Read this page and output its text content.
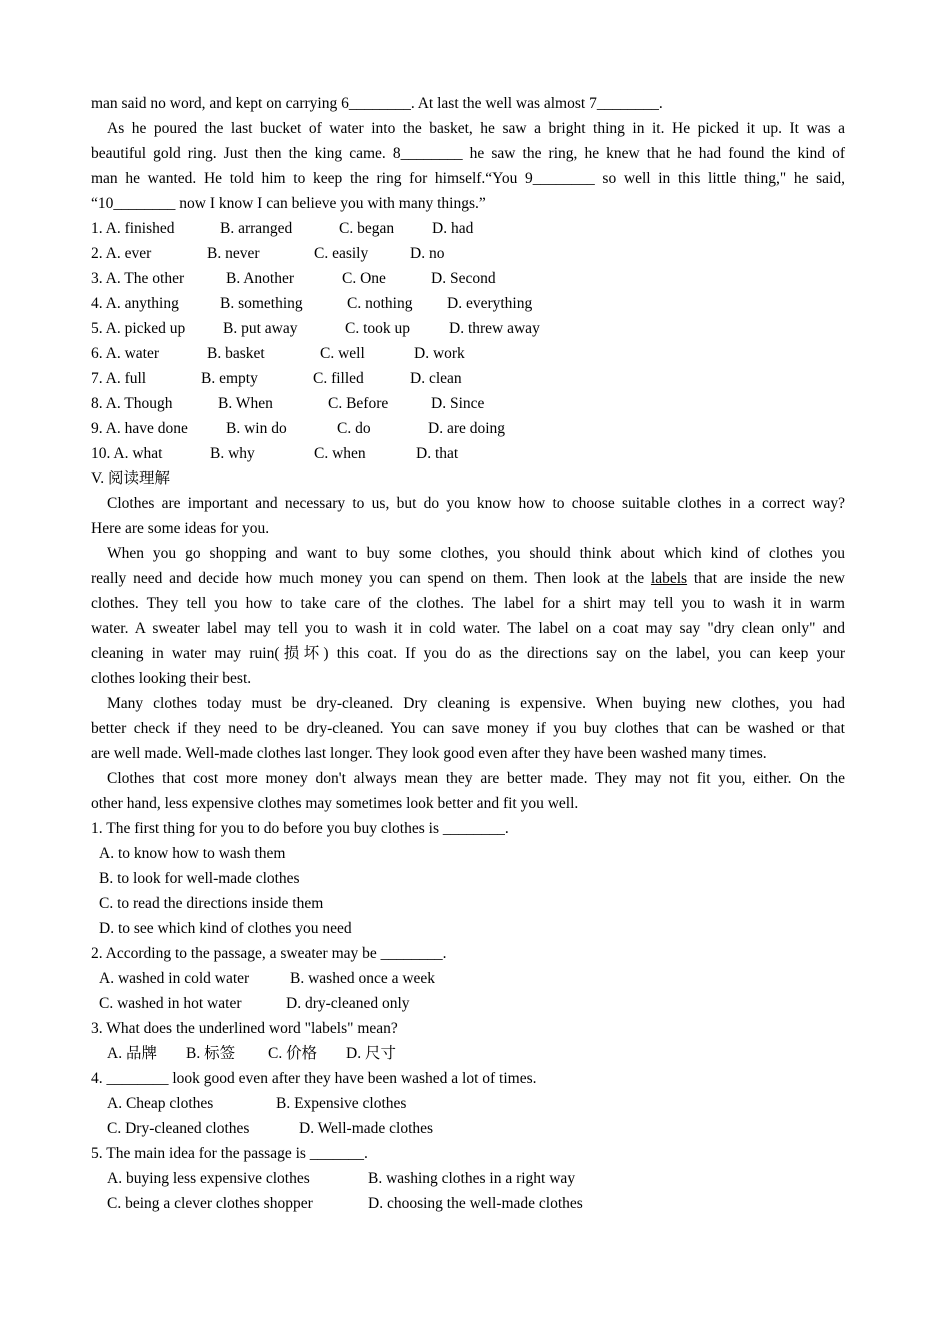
man said no word, and kept on carrying 6________. At last the well was almost 7________.
As he poured the last bucket of water into the basket, he saw a bright thing in it. He picked it up. It was a
beautiful gold ring. Just then the king came. 8________ he saw the ring, he knew that he had found the kind of
man he wanted. He told him to keep the ring for himself.“You 9________ so well in this little thing," he said,
“10________ now I know I can believe you with many things.”
1. A. finished	B. arranged	C. began	D. had
2. A. ever	B. never	C. easily	D. no
3. A. The other	B. Another	C. One	D. Second
4. A. anything	B. something	C. nothing	D. everything
5. A. picked up	B. put away	C. took up	D. threw away
6. A. water	B. basket	C. well	D. work
7. A. full	B. empty	C. filled	D. clean
8. A. Though	B. When	C. Before	D. Since
9. A. have done	B. win do	C. do	D. are doing
10. A. what	B. why	C. when	D. that
V. 阅读理解
Clothes are important and necessary to us, but do you know how to choose suitable clothes in a correct way?
Here are some ideas for you.
When you go shopping and want to buy some clothes, you should think about which kind of clothes you
really need and decide how much money you can spend on them. Then look at the labels that are inside the new
clothes. They tell you how to take care of the clothes. The label for a shirt may tell you to wash it in warm
water. A sweater label may tell you to wash it in cold water. The label on a coat may say "dry clean only" and
cleaning in water may ruin(损坏) this coat. If you do as the directions say on the label, you can keep your
clothes looking their best.
Many clothes today must be dry-cleaned. Dry cleaning is expensive. When buying new clothes, you had
better check if they need to be dry-cleaned. You can save money if you buy clothes that can be washed or that
are well made. Well-made clothes last longer. They look good even after they have been washed many times.
Clothes that cost more money don't always mean they are better made. They may not fit you, either. On the
other hand, less expensive clothes may sometimes look better and fit you well.
1. The first thing for you to do before you buy clothes is ________.
A. to know how to wash them
B. to look for well-made clothes
C. to read the directions inside them
D. to see which kind of clothes you need
2. According to the passage, a sweater may be ________.
A. washed in cold water	B. washed once a week
C. washed in hot water	D. dry-cleaned only
3. What does the underlined word "labels" mean?
A. 品牌	B. 标签	C. 价格	D. 尺寸
4. ________ look good even after they have been washed a lot of times.
A. Cheap clothes	B. Expensive clothes
C. Dry-cleaned clothes	D. Well-made clothes
5. The main idea for the passage is _______.
A. buying less expensive clothes	B. washing clothes in a right way
C. being a clever clothes shopper	D. choosing the well-made clothes
